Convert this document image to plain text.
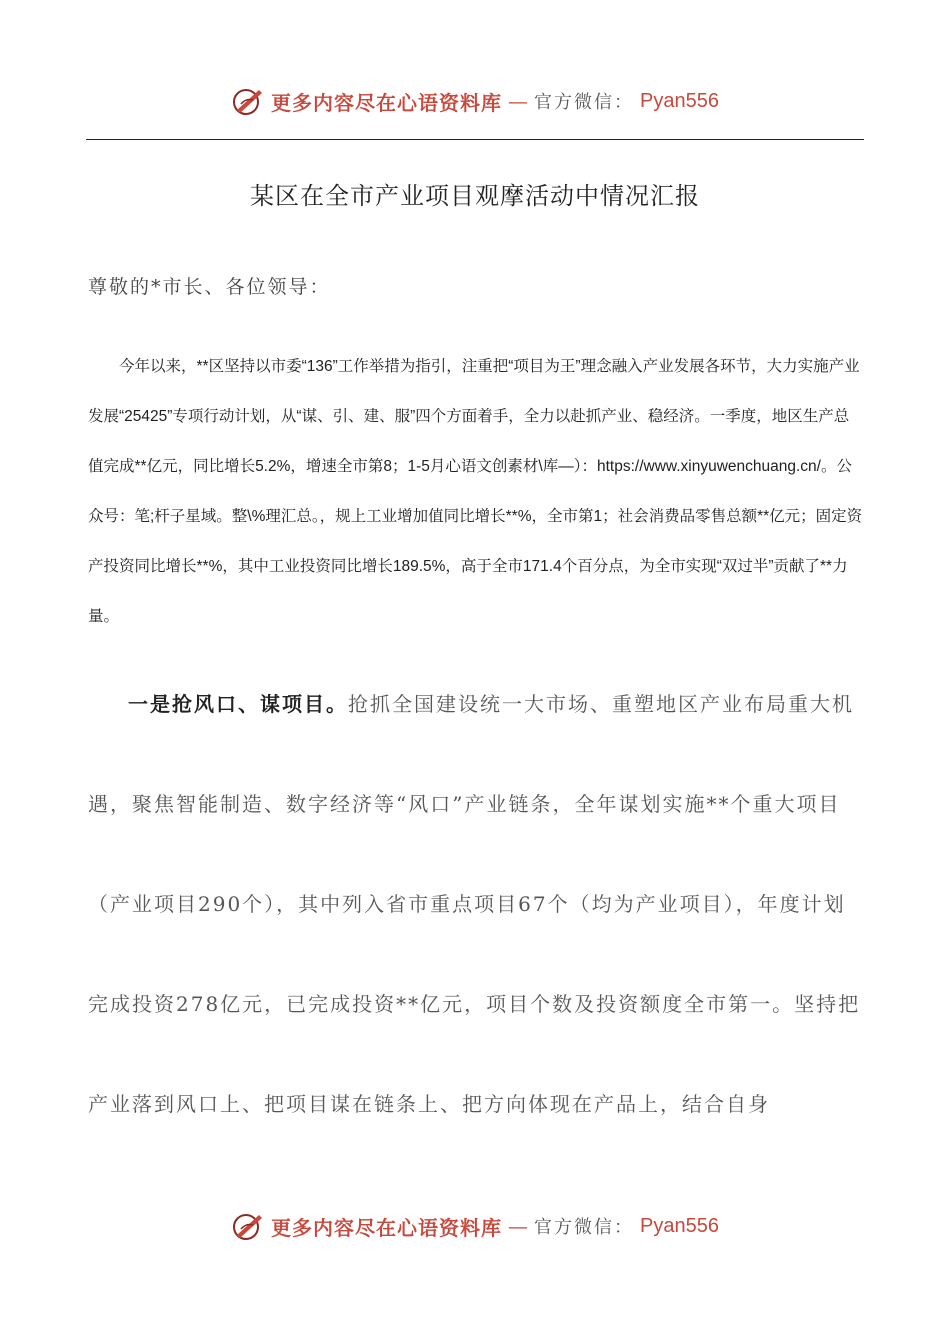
更多内容尽在心语资料库 — 官方微信： Pyan556
某区在全市产业项目观摩活动中情况汇报
尊敬的*市长、各位领导：

今年以来，**区坚持以市委“136”工作举措为指引，注重把“项目为王”理念融入产业发展各环节，大力实施产业发展“25425”专项行动计划，从“谋、引、建、服”四个方面着手，全力以赴抓产业、稳经济。一季度，地区生产总值完成**亿元，同比增长5.2%，增速全市第8；1-5月心语文创素材\库—）：https://www.xinyuwenchuang.cn/。公众号：笔;杆子星域。整\%理汇总。，规上工业增加值同比增长**%，全市第1；社会消费品零售总额**亿元；固定资产投资同比增长**%，其中工业投资同比增长189.5%，高于全市171.4个百分点，为全市实现“双过半”贡献了**力量。

一是抢风口、谋项目。抢抓全国建设统一大市场、重塑地区产业布局重大机遇，聚焦智能制造、数字经济等“风口”产业链条，全年谋划实施**个重大项目（产业项目290个），其中列入省市重点项目67个（均为产业项目），年度计划完成投资278亿元，已完成投资**亿元，项目个数及投资额度全市第一。坚持把产业落到风口上、把项目谋在链条上、把方向体现在产品上，结合自身

更多内容尽在心语资料库 — 官方微信： Pyan556
